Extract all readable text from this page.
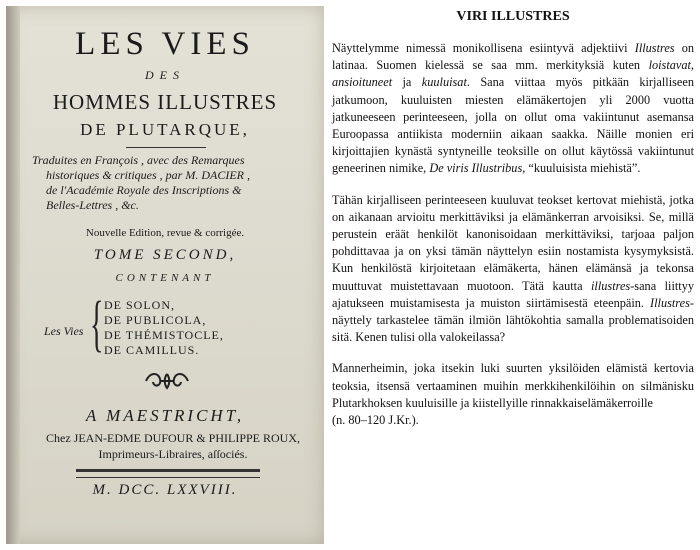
LES VIES
DES
HOMMES ILLUSTRES
DE PLUTARQUE,

Traduites en François , avec des Remarques
historiques & critiques , par M. DACIER ,
de l'Académie Royale des Inscriptions &
Belles-Lettres , &c.

Nouvelle Edition, revue & corrigée.
TOME SECOND,
CONTENANT
Les Vies { DE SOLON,
DE PUBLICOLA,
DE THÉMISTOCLE,
DE CAMILLUS.
A MAESTRICHT,
Chez JEAN-EDME DUFOUR & PHILIPPE ROUX, Imprimeurs-Libraires, aſſociés.
M. DCC. LXXVIII.
VIRI ILLUSTRES

Näyttelymme nimessä monikollisena esiintyvä adjektiivi Illustres on latinaa. Suomen kielessä se saa mm. merkityksiä kuten loistavat, ansioituneet ja kuuluisat. Sana viittaa myös pitkään kirjalliseen jatkumoon, kuuluisten miesten elämäkertojen yli 2000 vuotta jatkuneeseen perinteeseen, jolla on ollut oma vakiintunut asemansa Euroopassa antiikista moderniin aikaan saakka. Näille monien eri kirjoittajien kynästä syntyneille teoksille on ollut käytössä vakiintunut geneerinen nimike, De viris Illustribus, “kuuluisista miehistä”.

Tähän kirjalliseen perinteeseen kuuluvat teokset kertovat miehistä, jotka on aikanaan arvioitu merkittäviksi ja elämänkerran arvoisiksi. Se, millä perustein eräät henkilöt kanonisoidaan merkittäviksi, tarjoaa paljon pohdittavaa ja on yksi tämän näyttelyn esiin nostamista kysymyksistä. Kun henkilöstä kirjoitetaan elämäkerta, hänen elämänsä ja tekonsa muuttuvat muistettavaan muotoon. Tätä kautta illustres-sana liittyy ajatukseen muistamisesta ja muiston siirtämisestä eteenpäin. Illustres-näyttely tarkastelee tämän ilmiön lähtökohtia samalla problematisoiden sitä. Kenen tulisi olla valokeilassa?

Mannerheimin, joka itsekin luki suurten yksilöiden elämistä kertovia teoksia, itsensä vertaaminen muihin merkkihenkilöihin on silmänisku Plutarkhoksen kuuluisille ja kiistellyille rinnakkaiselämäkerroille
(n. 80–120 J.Kr.).
